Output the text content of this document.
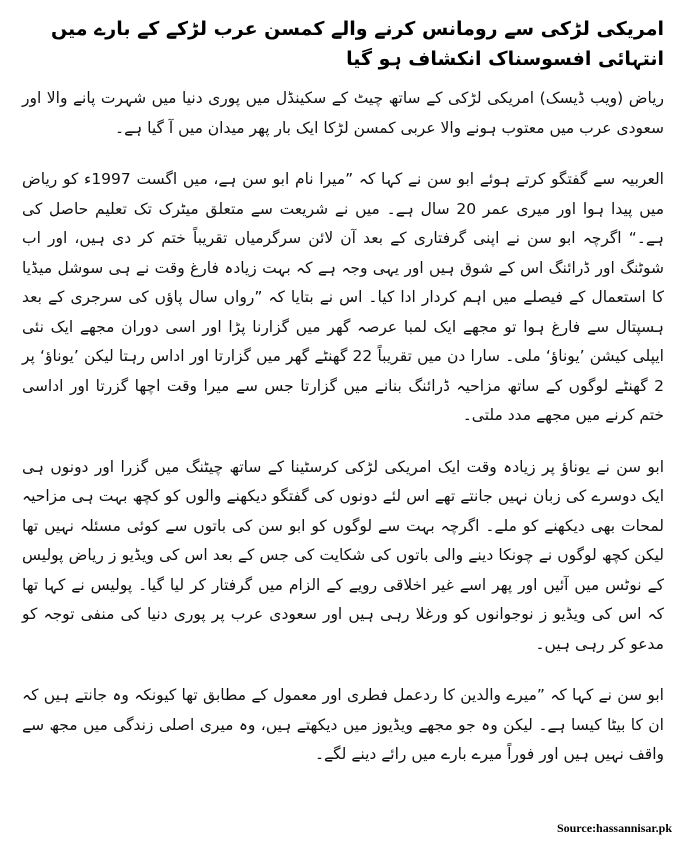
امریکی لڑکی سے رومانس کرنے والے کمسن عرب لڑکے کے بارے میں انتہائی افسوسناک انکشاف ہو گیا

ریاض (ویب ڈیسک) امریکی لڑکی کے ساتھ چیٹ کے سکینڈل میں پوری دنیا میں شہرت پانے والا اور سعودی عرب میں معتوب ہونے والا عربی کمسن لڑکا ایک بار پھر میدان میں آ گیا ہے۔

العربیہ سے گفتگو کرتے ہوئے ابو سن نے کہا کہ ”میرا نام ابو سن ہے، میں اگست 1997ء کو ریاض میں پیدا ہوا اور میری عمر 20 سال ہے۔ میں نے شریعت سے متعلق میٹرک تک تعلیم حاصل کی ہے۔“ اگرچہ ابو سن نے اپنی گرفتاری کے بعد آن لائن سرگرمیاں تقریباً ختم کر دی ہیں، اور اب شوٹنگ اور ڈرائنگ اس کے شوق ہیں اور یہی وجہ ہے کہ بہت زیادہ فارغ وقت نے ہی سوشل میڈیا کا استعمال کے فیصلے میں اہم کردار ادا کیا۔ اس نے بتایا کہ ”رواں سال پاؤں کی سرجری کے بعد ہسپتال سے فارغ ہوا تو مجھے ایک لمبا عرصہ گھر میں گزارنا پڑا اور اسی دوران مجھے ایک نئی ایپلی کیشن ’یوناؤ‘ ملی۔ سارا دن میں تقریباً 22 گھنٹے گھر میں گزارتا اور اداس رہتا لیکن ’یوناؤ‘ پر 2 گھنٹے لوگوں کے ساتھ مزاحیہ ڈرائنگ بنانے میں گزارتا جس سے میرا وقت اچھا گزرتا اور اداسی ختم کرنے میں مجھے مدد ملتی۔

ابو سن نے یوناؤ پر زیادہ وقت ایک امریکی لڑکی کرسٹینا کے ساتھ چیٹنگ میں گزرا اور دونوں ہی ایک دوسرے کی زبان نہیں جانتے تھے اس لئے دونوں کی گفتگو دیکھنے والوں کو کچھ بہت ہی مزاحیہ لمحات بھی دیکھنے کو ملے۔ اگرچہ بہت سے لوگوں کو ابو سن کی باتوں سے کوئی مسئلہ نہیں تھا لیکن کچھ لوگوں نے چونکا دینے والی باتوں کی شکایت کی جس کے بعد اس کی ویڈیو ز ریاض پولیس کے نوٹس میں آئیں اور پھر اسے غیر اخلاقی رویے کے الزام میں گرفتار کر لیا گیا۔ پولیس نے کہا تھا کہ اس کی ویڈیو ز نوجوانوں کو ورغلا رہی ہیں اور سعودی عرب پر پوری دنیا کی منفی توجہ کو مدعو کر رہی ہیں۔

ابو سن نے کہا کہ ”میرے والدین کا ردعمل فطری اور معمول کے مطابق تھا کیونکہ وہ جانتے ہیں کہ ان کا بیٹا کیسا ہے۔ لیکن وہ جو مجھے ویڈیوز میں دیکھتے ہیں، وہ میری اصلی زندگی میں مجھ سے واقف نہیں ہیں اور فوراً میرے بارے میں رائے دینے لگے۔

Source:hassannisar.pk
